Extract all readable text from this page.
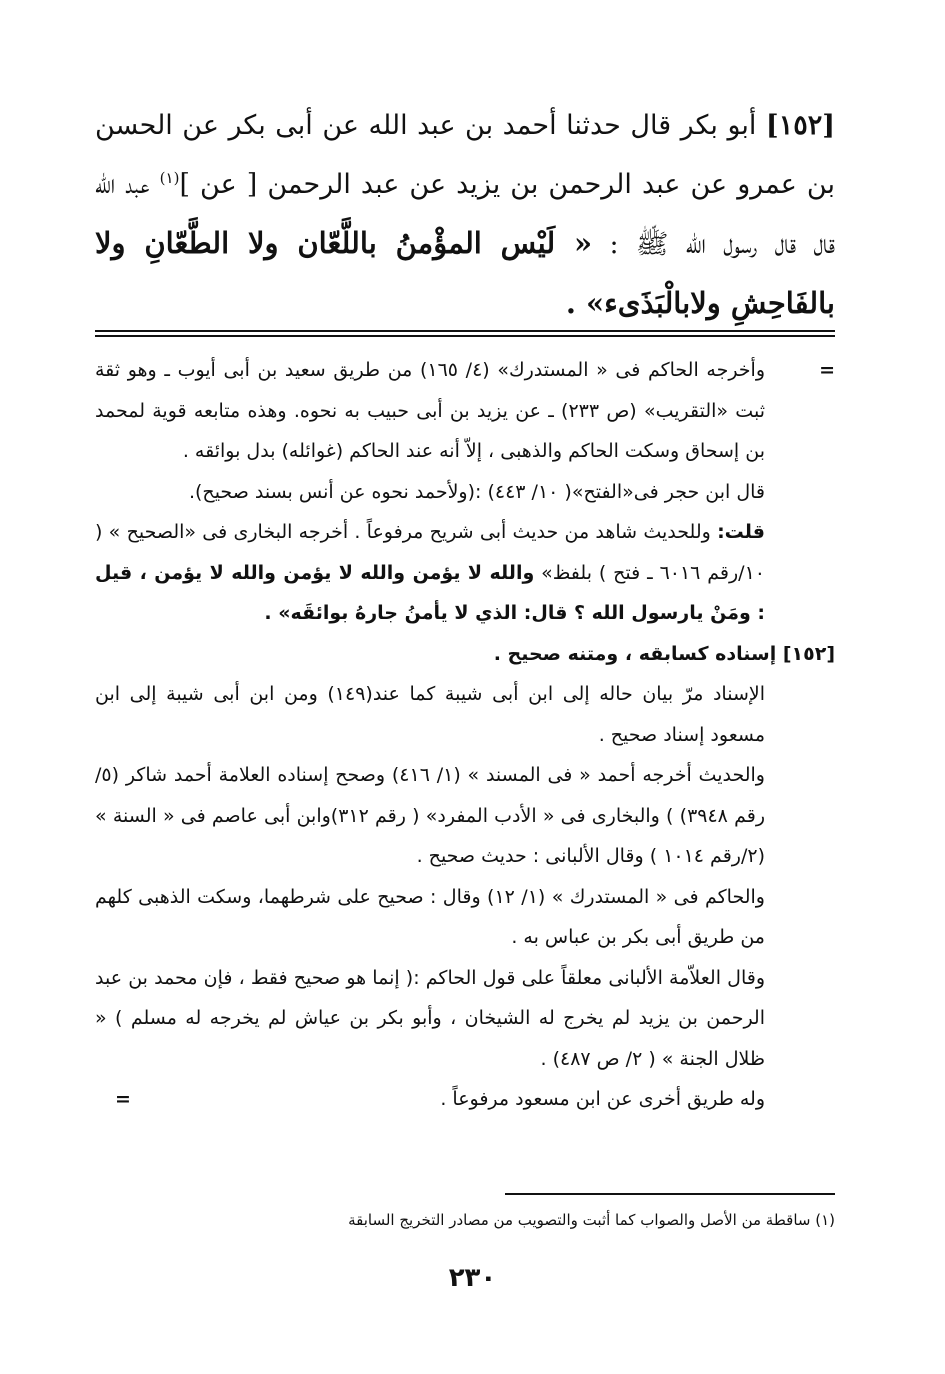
[١٥٢] أبو بكر قال حدثنا أحمد بن عبد الله عن أبى بكر عن الحسن بن عمرو عن عبد الرحمن بن يزيد عن عبد الرحمن [ عن ]$^{(١)}$ عبد الله قال قال رسول الله ﷺ : « لَيْس المؤْمنُ باللَّعّان ولا الطَّعّانِ ولا بالفَاحِشِ ولابالْبَذَىء» .
=
وأخرجه الحاكم فى « المستدرك» (٤/ ١٦٥) من طريق سعيد بن أبى أيوب ـ وهو ثقة ثبت «التقريب» (ص ٢٣٣) ـ عن يزيد بن أبى حبيب به نحوه. وهذه متابعه قوية لمحمد بن إسحاق وسكت الحاكم والذهبى ، إلاّ أنه عند الحاكم (غوائله) بدل بوائقه .
قال ابن حجر فى«الفتح»( ١٠/ ٤٤٣) :(ولأحمد نحوه عن أنس بسند صحيح).
قلت: وللحديث شاهد من حديث أبى شريح مرفوعاً . أخرجه البخارى فى «الصحيح » ( ١٠/رقم ٦٠١٦ ـ فتح ) بلفظ» والله لا يؤمن والله لا يؤمن والله لا يؤمن ، قيل : ومَنْ يارسول الله ؟ قال: الذي لا يأمنُ جارهُ بوائقَه» .
[١٥٢] إسناده كسابقه ، ومتنه صحيح .
الإسناد مرّ بيان حاله إلى ابن أبى شيبة كما عند(١٤٩) ومن ابن أبى شيبة إلى ابن مسعود إسناد صحيح .
والحديث أخرجه أحمد « فى المسند » (١/ ٤١٦) وصحح إسناده العلامة أحمد شاكر (٥/ رقم ٣٩٤٨) ) والبخارى فى « الأدب المفرد» ( رقم ٣١٢)وابن أبى عاصم فى « السنة » (٢/رقم ١٠١٤ ) وقال الألبانى : حديث صحيح .
والحاكم فى « المستدرك » (١/ ١٢) وقال : صحيح على شرطهما، وسكت الذهبى كلهم من طريق أبى بكر بن عباس به .
وقال العلاّمة الألبانى معلقاً على قول الحاكم :( إنما هو صحيح فقط ، فإن محمد بن عبد الرحمن بن يزيد لم يخرج له الشيخان ، وأبو بكر بن عياش لم يخرجه له مسلم ) « ظلال الجنة » ( ٢/ ص ٤٨٧) .
وله طريق أخرى عن ابن مسعود مرفوعاً .
=
(١) ساقطة من الأصل والصواب كما أثبت والتصويب من مصادر التخريج السابقة
٢٣٠
